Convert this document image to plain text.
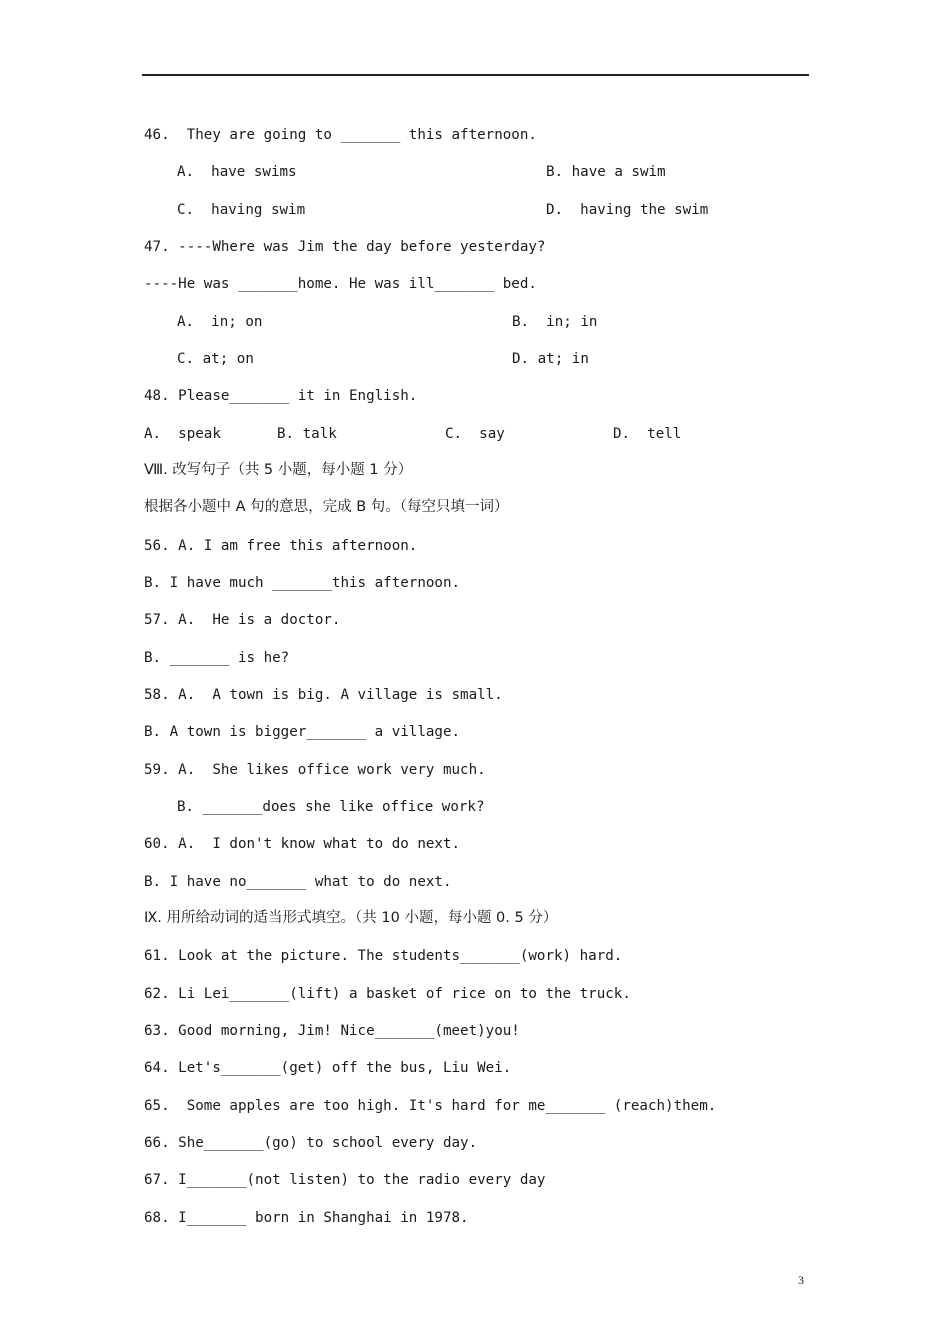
46.  They are going to _______ this afternoon.
A.  have swims	B. have a swim
C.  having swim	D.  having the swim
47. ----Where was Jim the day before yesterday?
----He was _______home. He was ill_______ bed.
A.  in; on	B.  in; in
C. at; on	D. at; in
48. Please_______ it in English.
A.  speak	B. talk	C.  say	D.  tell
Ⅷ. 改写句子（共 5 小题，每小题 1 分）
根据各小题中 A 句的意思，完成 B 句。（每空只填一词）
56. A. I am free this afternoon.
B. I have much _______this afternoon.
57. A.  He is a doctor.
B. _______ is he?
58. A.  A town is big. A village is small.
B. A town is bigger_______ a village.
59. A.  She likes office work very much.
B. _______does she like office work?
60. A.  I don't know what to do next.
B. I have no_______ what to do next.
Ⅸ. 用所给动词的适当形式填空。（共 10 小题，每小题 0. 5 分）
61. Look at the picture. The students_______(work) hard.
62. Li Lei_______(lift) a basket of rice on to the truck.
63. Good morning, Jim! Nice_______(meet)you!
64. Let's_______(get) off the bus, Liu Wei.
65.  Some apples are too high. It's hard for me_______ (reach)them.
66. She_______(go) to school every day.
67. I_______(not listen) to the radio every day
68. I_______ born in Shanghai in 1978.
3
